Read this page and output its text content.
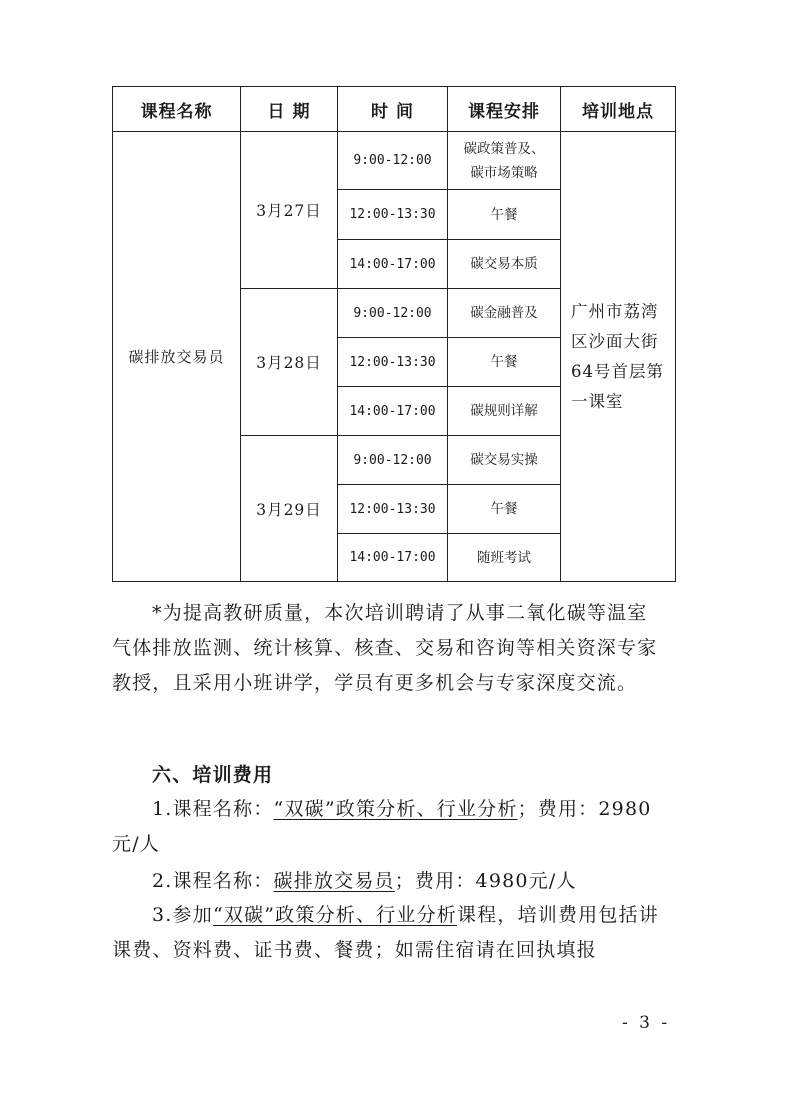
课程名称	日 期	时 间	课程安排	培训地点
碳排放交易员	3月27日	9:00-12:00	碳政策普及、碳市场策略	广州市荔湾区沙面大街64号首层第一课室
		12:00-13:30	午餐	
		14:00-17:00	碳交易本质	
	3月28日	9:00-12:00	碳金融普及	
		12:00-13:30	午餐	
		14:00-17:00	碳规则详解	
	3月29日	9:00-12:00	碳交易实操	
		12:00-13:30	午餐	
		14:00-17:00	随班考试	

*为提高教研质量，本次培训聘请了从事二氧化碳等温室气体排放监测、统计核算、核查、交易和咨询等相关资深专家教授，且采用小班讲学，学员有更多机会与专家深度交流。

六、培训费用

1.课程名称：“双碳”政策分析、行业分析；费用：2980元/人

2.课程名称：碳排放交易员；费用：4980元/人

3.参加“双碳”政策分析、行业分析课程，培训费用包括讲课费、资料费、证书费、餐费；如需住宿请在回执填报

- 3 -
